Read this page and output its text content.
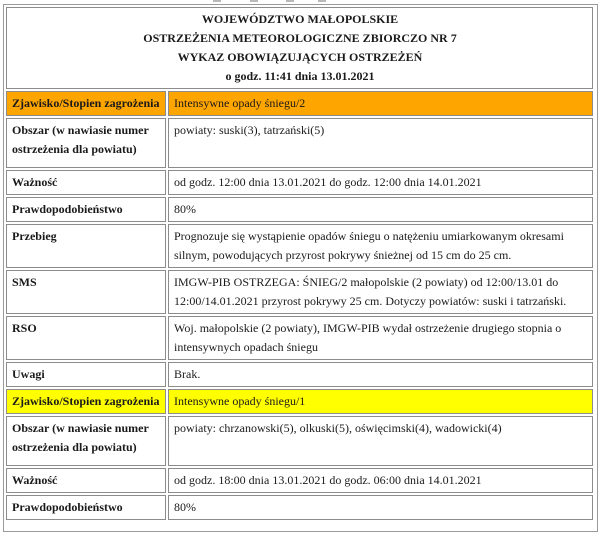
WOJEWÓDZTWO MAŁOPOLSKIE
OSTRZEŻENIA METEOROLOGICZNE ZBIORCZO NR 7
WYKAZ OBOWIĄZUJĄCYCH OSTRZEŻEŃ
o godz. 11:41 dnia 13.01.2021	

Zjawisko/Stopien zagrożenia	Intensywne opady śniegu/2
Obszar (w nawiasie numer ostrzeżenia dla powiatu)	powiaty: suski(3), tatrzański(5)
Ważność	od godz. 12:00 dnia 13.01.2021 do godz. 12:00 dnia 14.01.2021
Prawdopodobieństwo	80%
Przebieg	Prognozuje się wystąpienie opadów śniegu o natężeniu umiarkowanym okresami silnym, powodujących przyrost pokrywy śnieżnej od 15 cm do 25 cm.
SMS	IMGW-PIB OSTRZEGA: ŚNIEG/2 małopolskie (2 powiaty) od 12:00/13.01 do 12:00/14.01.2021 przyrost pokrywy 25 cm. Dotyczy powiatów: suski i tatrzański.
RSO	Woj. małopolskie (2 powiaty), IMGW-PIB wydał ostrzeżenie drugiego stopnia o intensywnych opadach śniegu
Uwagi	Brak.
Zjawisko/Stopien zagrożenia	Intensywne opady śniegu/1
Obszar (w nawiasie numer ostrzeżenia dla powiatu)	powiaty: chrzanowski(5), olkuski(5), oświęcimski(4), wadowicki(4)
Ważność	od godz. 18:00 dnia 13.01.2021 do godz. 06:00 dnia 14.01.2021
Prawdopodobieństwo	80%
